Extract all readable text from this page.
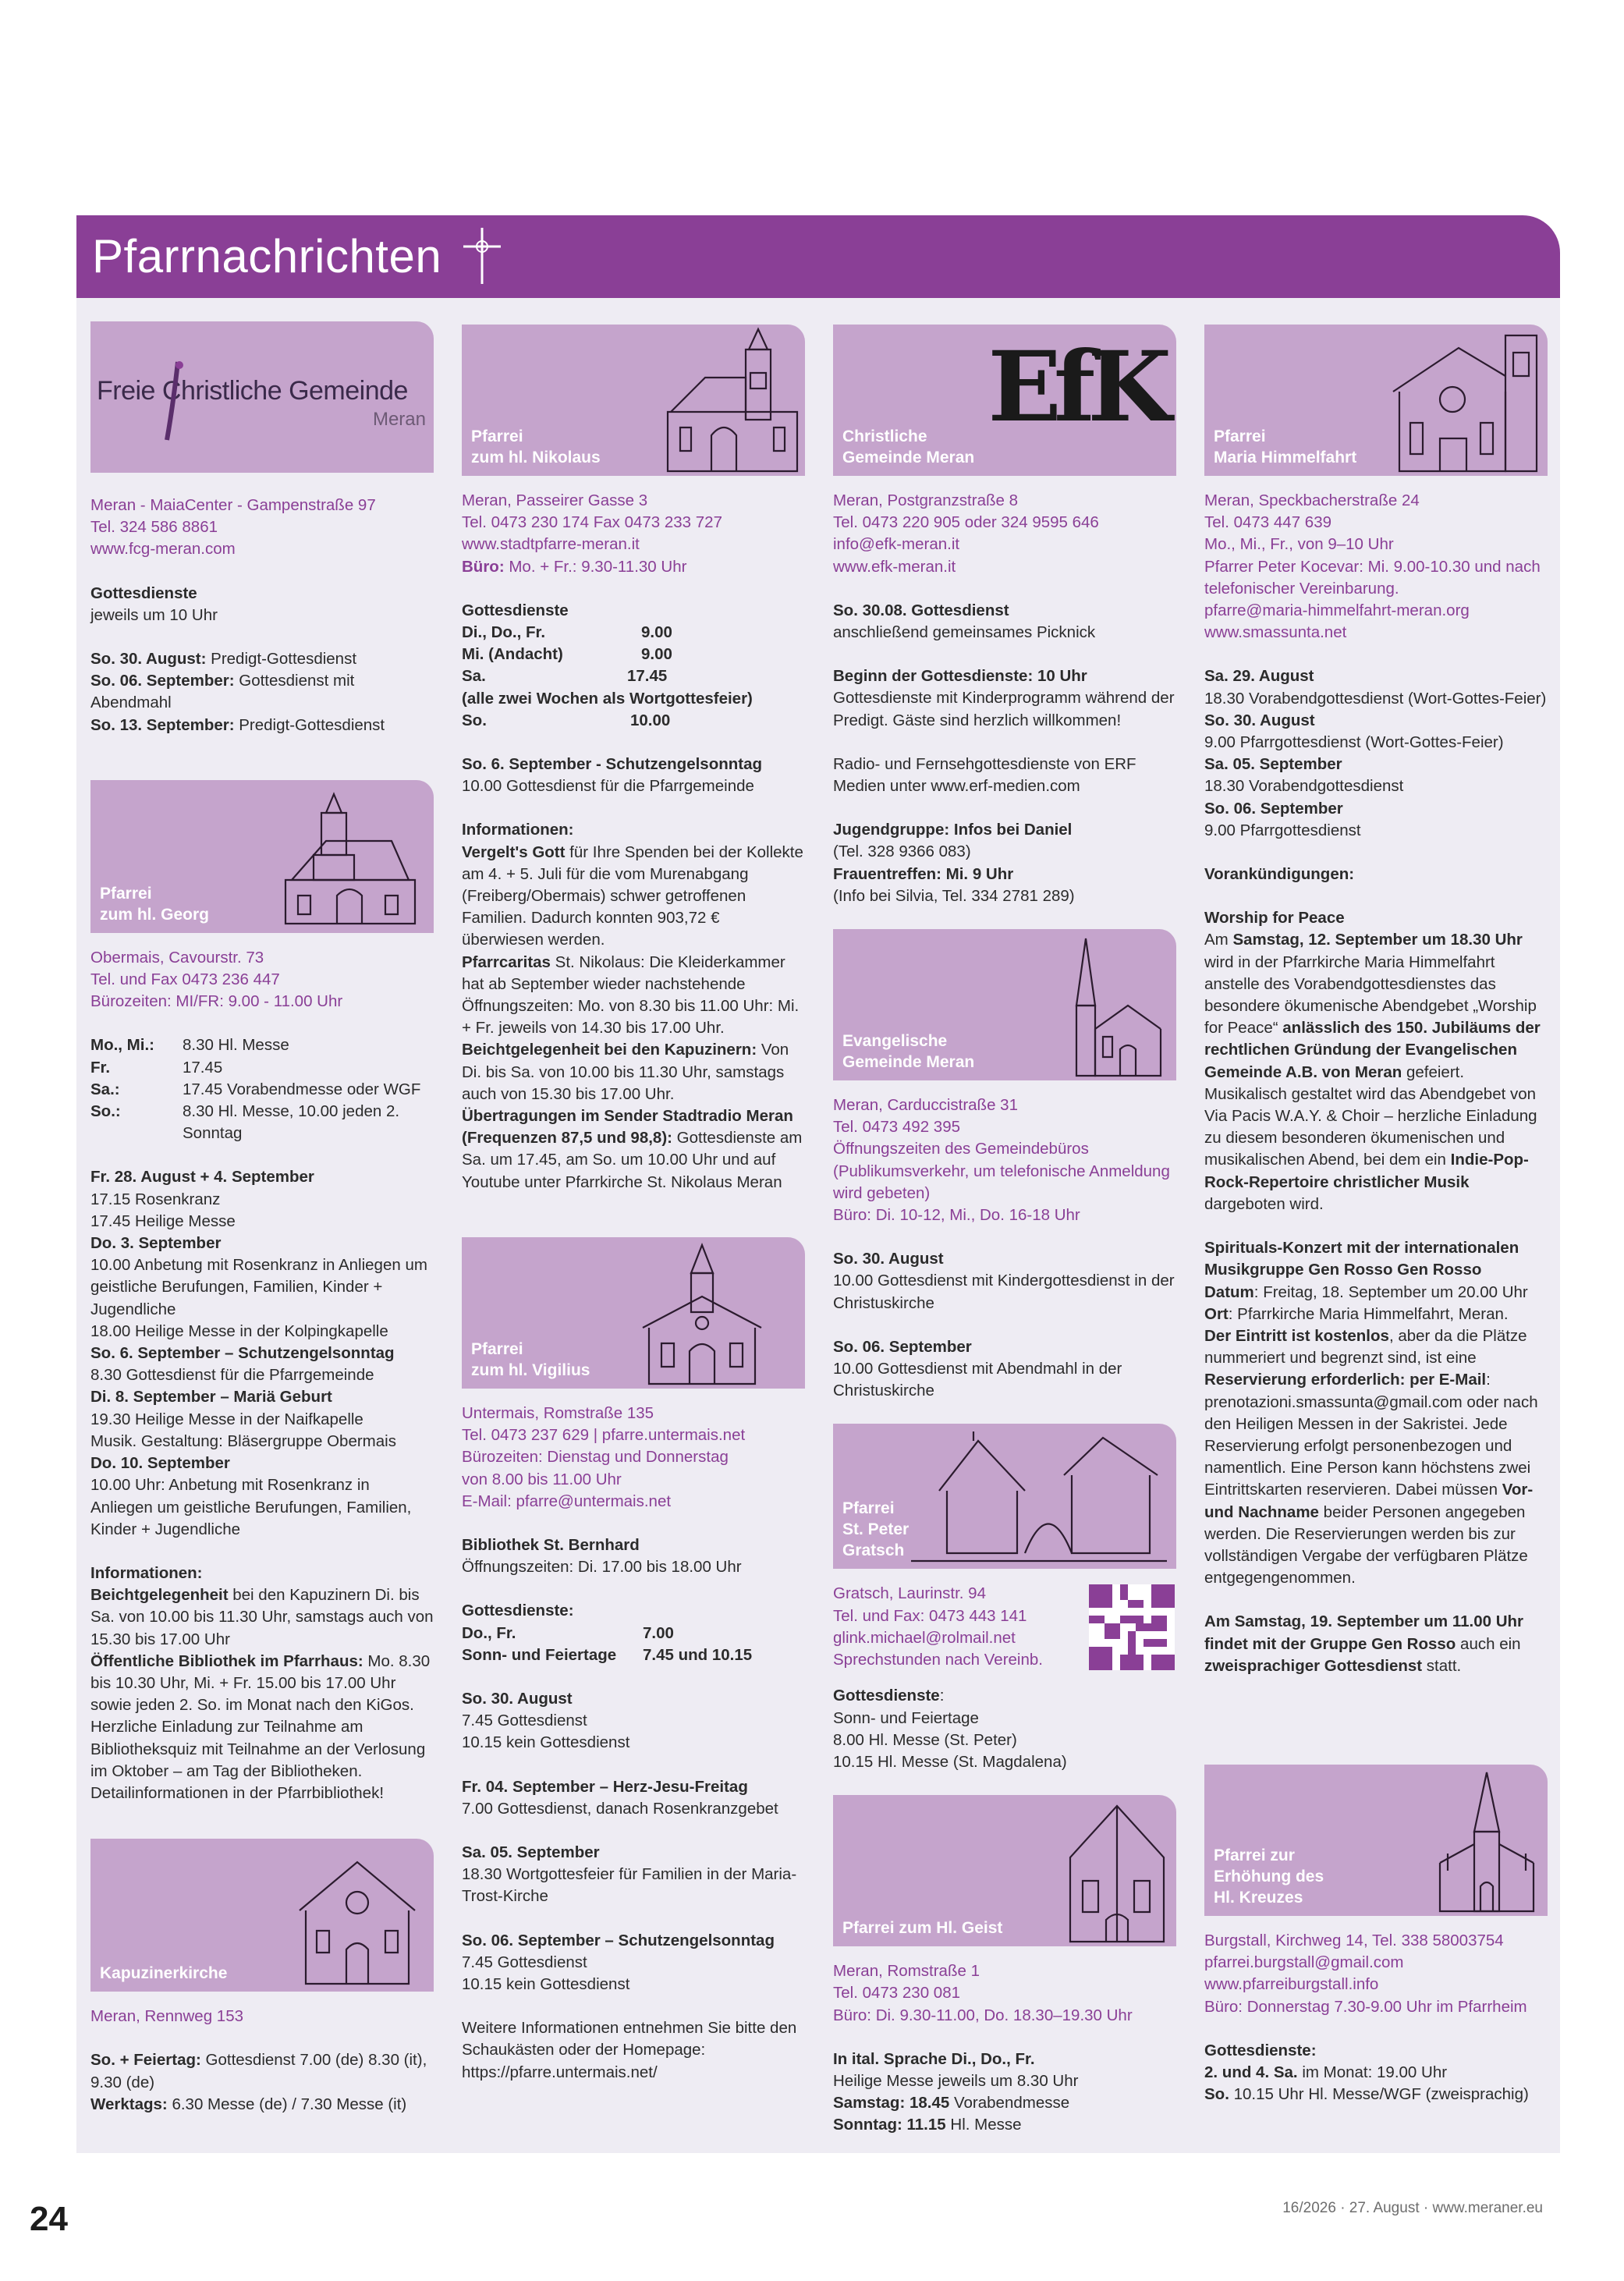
Pfarrnachrichten
Freie Christliche Gemeinde
Meran
Meran - MaiaCenter - Gampenstraße 97
Tel. 324 586 8861
www.fcg-meran.com
Gottesdienste
jeweils um 10 Uhr
So. 30. August: Predigt-Gottesdienst
So. 06. September: Gottesdienst mit Abendmahl
So. 13. September: Predigt-Gottesdienst
Pfarrei
zum hl. Georg
Obermais, Cavourstr. 73
Tel. und Fax 0473 236 447
Bürozeiten: MI/FR: 9.00 - 11.00 Uhr
Mo., Mi.:	8.30 Hl. Messe
Fr.	17.45
Sa.:	17.45 Vorabendmesse oder WGF
So.:	8.30 Hl. Messe, 10.00 jeden 2. Sonntag
Fr. 28. August + 4. September
17.15 Rosenkranz
17.45 Heilige Messe
Do. 3. September
10.00 Anbetung mit Rosenkranz in Anliegen um geistliche Berufungen, Familien, Kinder + Jugendliche
18.00 Heilige Messe in der Kolpingkapelle
So. 6. September – Schutzengelsonntag
8.30 Gottesdienst für die Pfarrgemeinde
Di. 8. September – Mariä Geburt
19.30 Heilige Messe in der Naifkapelle
Musik. Gestaltung: Bläsergruppe Obermais
Do. 10. September
10.00 Uhr: Anbetung mit Rosenkranz in Anliegen um geistliche Berufungen, Familien, Kinder + Jugendliche
Informationen:
Beichtgelegenheit bei den Kapuzinern Di. bis Sa. von 10.00 bis 11.30 Uhr, samstags auch von 15.30 bis 17.00 Uhr
Öffentliche Bibliothek im Pfarrhaus: Mo. 8.30 bis 10.30 Uhr, Mi. + Fr. 15.00 bis 17.00 Uhr sowie jeden 2. So. im Monat nach den KiGos.
Herzliche Einladung zur Teilnahme am Bibliotheksquiz mit Teilnahme an der Verlosung im Oktober – am Tag der Bibliotheken. Detailinformationen in der Pfarrbibliothek!
Kapuzinerkirche
Meran, Rennweg 153
So. + Feiertag: Gottesdienst 7.00 (de) 8.30 (it), 9.30 (de)
Werktags: 6.30 Messe (de) / 7.30 Messe (it)
Pfarrei
zum hl. Nikolaus
Meran, Passeirer Gasse 3
Tel. 0473 230 174 Fax 0473 233 727
www.stadtpfarre-meran.it
Büro: Mo. + Fr.: 9.30-11.30 Uhr
Gottesdienste
Di., Do., Fr.	9.00
Mi. (Andacht)	9.00
Sa.	17.45
(alle zwei Wochen als Wortgottesfeier)
So.	10.00
So. 6. September - Schutzengelsonntag
10.00 Gottesdienst für die Pfarrgemeinde
Informationen:
Vergelt's Gott für Ihre Spenden bei der Kollekte am 4. + 5. Juli für die vom Murenabgang (Freiberg/Obermais) schwer getroffenen Familien. Dadurch konnten 903,72 € überwiesen werden.
Pfarrcaritas St. Nikolaus: Die Kleiderkammer hat ab September wieder nachstehende Öffnungszeiten: Mo. von 8.30 bis 11.00 Uhr: Mi. + Fr. jeweils von 14.30 bis 17.00 Uhr.
Beichtgelegenheit bei den Kapuzinern: Von Di. bis Sa. von 10.00 bis 11.30 Uhr, samstags auch von 15.30 bis 17.00 Uhr.
Übertragungen im Sender Stadtradio Meran (Frequenzen 87,5 und 98,8): Gottesdienste am Sa. um 17.45, am So. um 10.00 Uhr und auf Youtube unter Pfarrkirche St. Nikolaus Meran
Pfarrei
zum hl. Vigilius
Untermais, Romstraße 135
Tel. 0473 237 629 | pfarre.untermais.net
Bürozeiten: Dienstag und Donnerstag
von 8.00 bis 11.00 Uhr
E-Mail: pfarre@untermais.net
Bibliothek St. Bernhard
Öffnungszeiten: Di. 17.00 bis 18.00 Uhr
Gottesdienste:
Do., Fr.	7.00
Sonn- und Feiertage	7.45 und 10.15
So. 30. August
7.45 Gottesdienst
10.15 kein Gottesdienst
Fr. 04. September – Herz-Jesu-Freitag
7.00 Gottesdienst, danach Rosenkranzgebet
Sa. 05. September
18.30 Wortgottesfeier für Familien in der Maria-Trost-Kirche
So. 06. September – Schutzengelsonntag
7.45 Gottesdienst
10.15 kein Gottesdienst
Weitere Informationen entnehmen Sie bitte den Schaukästen oder der Homepage: https://pfarre.untermais.net/
EfK
Christliche
Gemeinde Meran
Meran, Postgranzstraße 8
Tel. 0473 220 905 oder 324 9595 646
info@efk-meran.it
www.efk-meran.it
So. 30.08. Gottesdienst
anschließend gemeinsames Picknick
Beginn der Gottesdienste: 10 Uhr
Gottesdienste mit Kinderprogramm während der Predigt. Gäste sind herzlich willkommen!
Radio- und Fernsehgottesdienste von ERF Medien unter www.erf-medien.com
Jugendgruppe: Infos bei Daniel
(Tel. 328 9366 083)
Frauentreffen: Mi. 9 Uhr
(Info bei Silvia, Tel. 334 2781 289)
Evangelische
Gemeinde Meran
Meran, Carduccistraße 31
Tel. 0473 492 395
Öffnungszeiten des Gemeindebüros (Publikumsverkehr, um telefonische Anmeldung wird gebeten)
Büro: Di. 10-12, Mi., Do. 16-18 Uhr
So. 30. August
10.00 Gottesdienst mit Kindergottesdienst in der Christuskirche
So. 06. September
10.00 Gottesdienst mit Abendmahl in der Christuskirche
Pfarrei
St. Peter
Gratsch
Gratsch, Laurinstr. 94
Tel. und Fax: 0473 443 141
glink.michael@rolmail.net
Sprechstunden nach Vereinb.
Gottesdienste:
Sonn- und Feiertage
8.00 Hl. Messe (St. Peter)
10.15 Hl. Messe (St. Magdalena)
Pfarrei zum Hl. Geist
Meran, Romstraße 1
Tel. 0473 230 081
Büro: Di. 9.30-11.00, Do. 18.30–19.30 Uhr
In ital. Sprache Di., Do., Fr.
Heilige Messe jeweils um 8.30 Uhr
Samstag: 18.45 Vorabendmesse
Sonntag: 11.15 Hl. Messe
Pfarrei
Maria Himmelfahrt
Meran, Speckbacherstraße 24
Tel. 0473 447 639
Mo., Mi., Fr., von 9–10 Uhr
Pfarrer Peter Kocevar: Mi. 9.00-10.30 und nach telefonischer Vereinbarung.
pfarre@maria-himmelfahrt-meran.org
www.smassunta.net
Sa. 29. August
18.30 Vorabendgottesdienst (Wort-Gottes-Feier)
So. 30. August
9.00 Pfarrgottesdienst (Wort-Gottes-Feier)
Sa. 05. September
18.30 Vorabendgottesdienst
So. 06. September
9.00 Pfarrgottesdienst
Vorankündigungen:
Worship for Peace
Am Samstag, 12. September um 18.30 Uhr wird in der Pfarrkirche Maria Himmelfahrt anstelle des Vorabendgottesdienstes das besondere ökumenische Abendgebet „Worship for Peace“ anlässlich des 150. Jubiläums der rechtlichen Gründung der Evangelischen Gemeinde A.B. von Meran gefeiert. Musikalisch gestaltet wird das Abendgebet von Via Pacis W.A.Y. & Choir – herzliche Einladung zu diesem besonderen ökumenischen und musikalischen Abend, bei dem ein Indie-Pop-Rock-Repertoire christlicher Musik dargeboten wird.
Spirituals-Konzert mit der internationalen Musikgruppe Gen Rosso Gen Rosso
Datum: Freitag, 18. September um 20.00 Uhr
Ort: Pfarrkirche Maria Himmelfahrt, Meran.
Der Eintritt ist kostenlos, aber da die Plätze nummeriert und begrenzt sind, ist eine Reservierung erforderlich: per E-Mail: prenotazioni.smassunta@gmail.com oder nach den Heiligen Messen in der Sakristei. Jede Reservierung erfolgt personenbezogen und namentlich. Eine Person kann höchstens zwei Eintrittskarten reservieren. Dabei müssen Vor- und Nachname beider Personen angegeben werden. Die Reservierungen werden bis zur vollständigen Vergabe der verfügbaren Plätze entgegengenommen.
Am Samstag, 19. September um 11.00 Uhr findet mit der Gruppe Gen Rosso auch ein zweisprachiger Gottesdienst statt.
Pfarrei zur
Erhöhung des
Hl. Kreuzes
Burgstall, Kirchweg 14, Tel. 338 58003754
pfarrei.burgstall@gmail.com
www.pfarreiburgstall.info
Büro: Donnerstag 7.30-9.00 Uhr im Pfarrheim
Gottesdienste:
2. und 4. Sa. im Monat: 19.00 Uhr
So. 10.15 Uhr Hl. Messe/WGF (zweisprachig)
24	16/2026 · 27. August · www.meraner.eu
